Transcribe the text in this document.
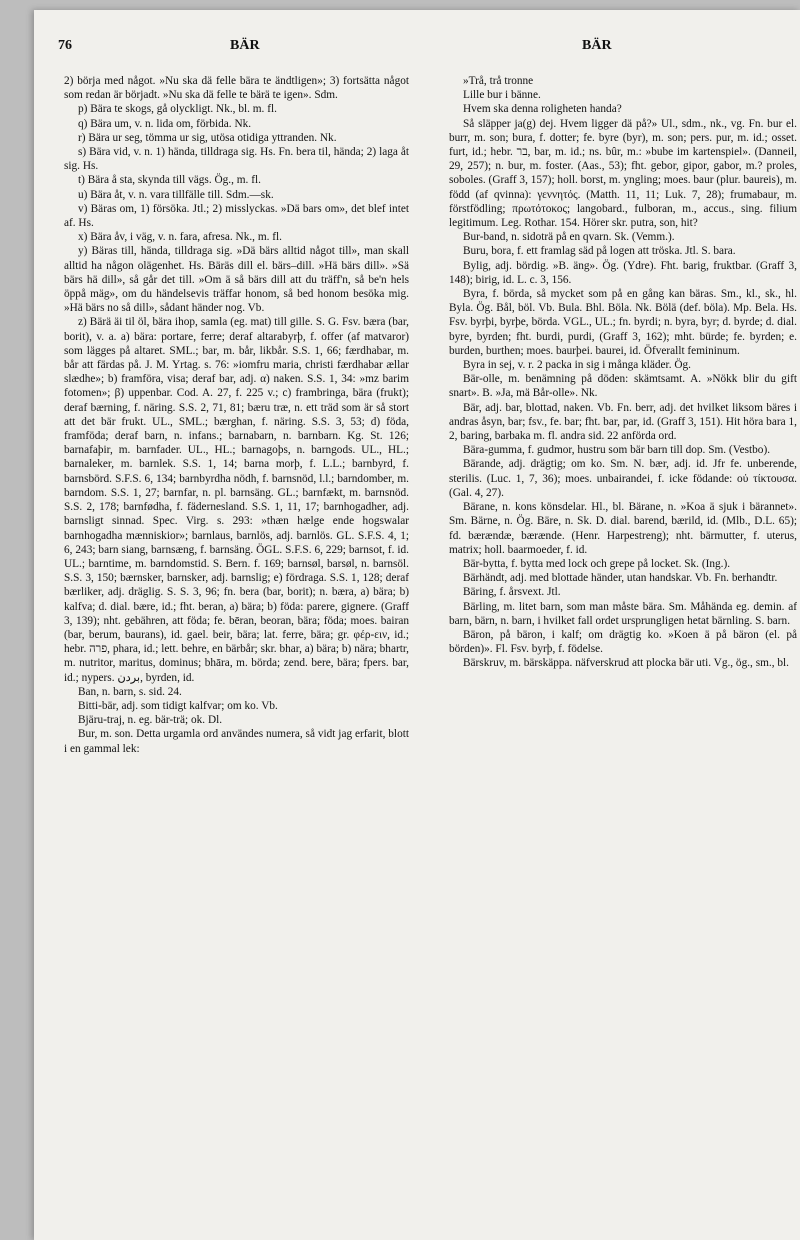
76	BÄR	BÄR

2) börja med något. »Nu ska dä felle bära te ändtligen»; 3) fortsätta något som redan är börjadt. »Nu ska dä felle te bärä te igen». Sdm.

p) Bära te skogs, gå olyckligt. Nk., bl. m. fl.

q) Bära um, v. n. lida om, förbida. Nk.

r) Bära ur seg, tömma ur sig, utösa otidiga yttranden. Nk.

s) Bära vid, v. n. 1) hända, tilldraga sig. Hs. Fn. bera til, hända; 2) laga åt sig. Hs.

t) Bära å sta, skynda till vägs. Ög., m. fl.

u) Bära åt, v. n. vara tillfälle till. Sdm.—sk.

v) Bäras om, 1) försöka. Jtl.; 2) misslyckas. »Dä bars om», det blef intet af. Hs.

x) Bära åv, i väg, v. n. fara, afresa. Nk., m. fl.

y) Bäras till, hända, tilldraga sig. »Dä bärs alltid något till», man skall alltid ha någon olägenhet. Hs. Bäräs dill el. bärs–dill. »Hä bärs dill». »Sä bärs hä dill», så går det till. »Om ä så bärs dill att du träff'n, så be'n hels öppå mäg», om du händelsevis träffar honom, så bed honom besöka mig. »Hä bärs no så dill», sådant händer nog. Vb.

z) Bärä äi til öl, bära ihop, samla (eg. mat) till gille. S. G. Fsv. bæra (bar, borit), v. a. a) bära: portare, ferre; deraf altarabyrþ, f. offer (af matvaror) som lägges på altaret. SML.; bar, m. bår, likbår. S.S. 1, 66; færdhabar, m. bår att färdas på. J. M. Yrtag. s. 76: »iomfru maria, christi færdhabar ællar slædhe»; b) framföra, visa; deraf bar, adj. α) naken. S.S. 1, 34: »mz barim fotomen»; β) uppenbar. Cod. A. 27, f. 225 v.; c) frambringa, bära (frukt); deraf bærning, f. näring. S.S. 2, 71, 81; bæru træ, n. ett träd som är så stort att det bär frukt. UL., SML.; bærghan, f. näring. S.S. 3, 53; d) föda, framföda; deraf barn, n. infans.; barnabarn, n. barnbarn. Kg. St. 126; barnafaþir, m. barnfader. UL., HL.; barnagoþs, n. barngods. UL., HL.; barnaleker, m. barnlek. S.S. 1, 14; barna morþ, f. L.L.; barnbyrd, f. barnsbörd. S.F.S. 6, 134; barnbyrdha nödh, f. barnsnöd, l.l.; barndomber, m. barndom. S.S. 1, 27; barnfar, n. pl. barnsäng. GL.; barnfækt, m. barnsnöd. S.S. 2, 178; barnfødha, f. fädernesland. S.S. 1, 11, 17; barnhogadher, adj. barnsligt sinnad. Spec. Virg. s. 293: »thæn hælge ende hogswalar barnhogadha mænniskior»; barnlaus, barnlös, adj. barnlös. GL. S.F.S. 4, 1; 6, 243; barn siang, barnsæng, f. barnsäng. ÖGL. S.F.S. 6, 229; barnsot, f. id. UL.; barntime, m. barndomstid. S. Bern. f. 169; barnsøl, barsøl, n. barnsöl. S.S. 3, 150; bærnsker, barnsker, adj. barnslig; e) fördraga. S.S. 1, 128; deraf bærliker, adj. dräglig. S. S. 3, 96; fn. bera (bar, borit); n. bæra, a) bära; b) kalfva; d. dial. bære, id.; fht. beran, a) bära; b) föda: parere, gignere. (Graff 3, 139); nht. gebähren, att föda; fe. bēran, beoran, bära; föda; moes. bairan (bar, berum, baurans), id. gael. beir, bära; lat. ferre, bära; gr. φέρ-ειν, id.; hebr. פרה, phara, id.; lett. behre, en bärbår; skr. bhar, a) bära; b) nära; bhartr, m. nutritor, maritus, dominus; bhāra, m. börda; zend. bere, bära; fpers. bar, id.; nypers. بردن, byrden, id.

Ban, n. barn, s. sid. 24.

Bitti-bär, adj. som tidigt kalfvar; om ko. Vb.

Bjäru-traj, n. eg. bär-trä; ok. Dl.

Bur, m. son. Detta urgamla ord användes numera, så vidt jag erfarit, blott i en gammal lek:

»Trå, trå tronne

Lille bur i bänne.

Hvem ska denna roligheten handa?

Så släpper ja(g) dej. Hvem ligger dä på?» Ul., sdm., nk., vg. Fn. bur el. burr, m. son; bura, f. dotter; fe. byre (byr), m. son; pers. pur, m. id.; osset. furt, id.; hebr. בר, bar, m. id.; ns. bûr, m.: »bube im kartenspiel». (Danneil, 29, 257); n. bur, m. foster. (Aas., 53); fht. gebor, gipor, gabor, m.? proles, soboles. (Graff 3, 157); holl. borst, m. yngling; moes. baur (plur. baureis), m. född (af qvinna): γεννητός. (Matth. 11, 11; Luk. 7, 28); frumabaur, m. förstfödling; πρωτότοκος; langobard., fulboran, m., accus., sing. filium legitimum. Leg. Rothar. 154. Hörer skr. putra, son, hit?

Bur-band, n. sidoträ på en qvarn. Sk. (Vemm.).

Buru, bora, f. ett framlag säd på logen att tröska. Jtl. S. bara.

Bylig, adj. bördig. »B. äng». Ög. (Ydre). Fht. barig, fruktbar. (Graff 3, 148); birig, id. L. c. 3, 156.

Byra, f. börda, så mycket som på en gång kan bäras. Sm., kl., sk., hl. Byla. Ög. Bål, böl. Vb. Bula. Bhl. Böla. Nk. Bölä (def. böla). Mp. Bela. Hs. Fsv. byrþi, byrþe, börda. VGL., UL.; fn. byrdi; n. byra, byr; d. byrde; d. dial. byre, byrden; fht. burdi, purdi, (Graff 3, 162); mht. bürde; fe. byrden; e. burden, burthen; moes. baurþei. baurei, id. Öfverallt femininum.

Byra in sej, v. r. 2 packa in sig i många kläder. Ög.

Bär-olle, m. benämning på döden: skämtsamt. A. »Nökk blir du gift snart». B. »Ja, mä Bår-olle». Nk.

Bär, adj. bar, blottad, naken. Vb. Fn. berr, adj. det hvilket liksom bäres i andras åsyn, bar; fsv., fe. bar; fht. bar, par, id. (Graff 3, 151). Hit höra bara 1, 2, baring, barbaka m. fl. andra sid. 22 anförda ord.

Bära-gumma, f. gudmor, hustru som bär barn till dop. Sm. (Vestbo).

Bärande, adj. drägtig; om ko. Sm. N. bær, adj. id. Jfr fe. unberende, sterilis. (Luc. 1, 7, 36); moes. unbairandei, f. icke födande: οὐ τίκτουσα. (Gal. 4, 27).

Bärane, n. kons könsdelar. Hl., bl. Bärane, n. »Koa ä sjuk i bärannet». Sm. Bärne, n. Ög. Bäre, n. Sk. D. dial. barend, bærild, id. (Mlb., D.L. 65); fd. bærændæ, bærænde. (Henr. Harpestreng); nht. bärmutter, f. uterus, matrix; holl. baarmoeder, f. id.

Bär-bytta, f. bytta med lock och grepe på locket. Sk. (Ing.).

Bärhändt, adj. med blottade händer, utan handskar. Vb. Fn. berhandtr.

Bäring, f. årsvext. Jtl.

Bärling, m. litet barn, som man måste bära. Sm. Måhända eg. demin. af barn, bärn, n. barn, i hvilket fall ordet ursprungligen hetat bärnling. S. barn.

Bäron, på bäron, i kalf; om drägtig ko. »Koen ä på bäron (el. på börden)». Fl. Fsv. byrþ, f. födelse.

Bärskruv, m. bärskäppa. näfverskrud att plocka bär uti. Vg., ög., sm., bl.
